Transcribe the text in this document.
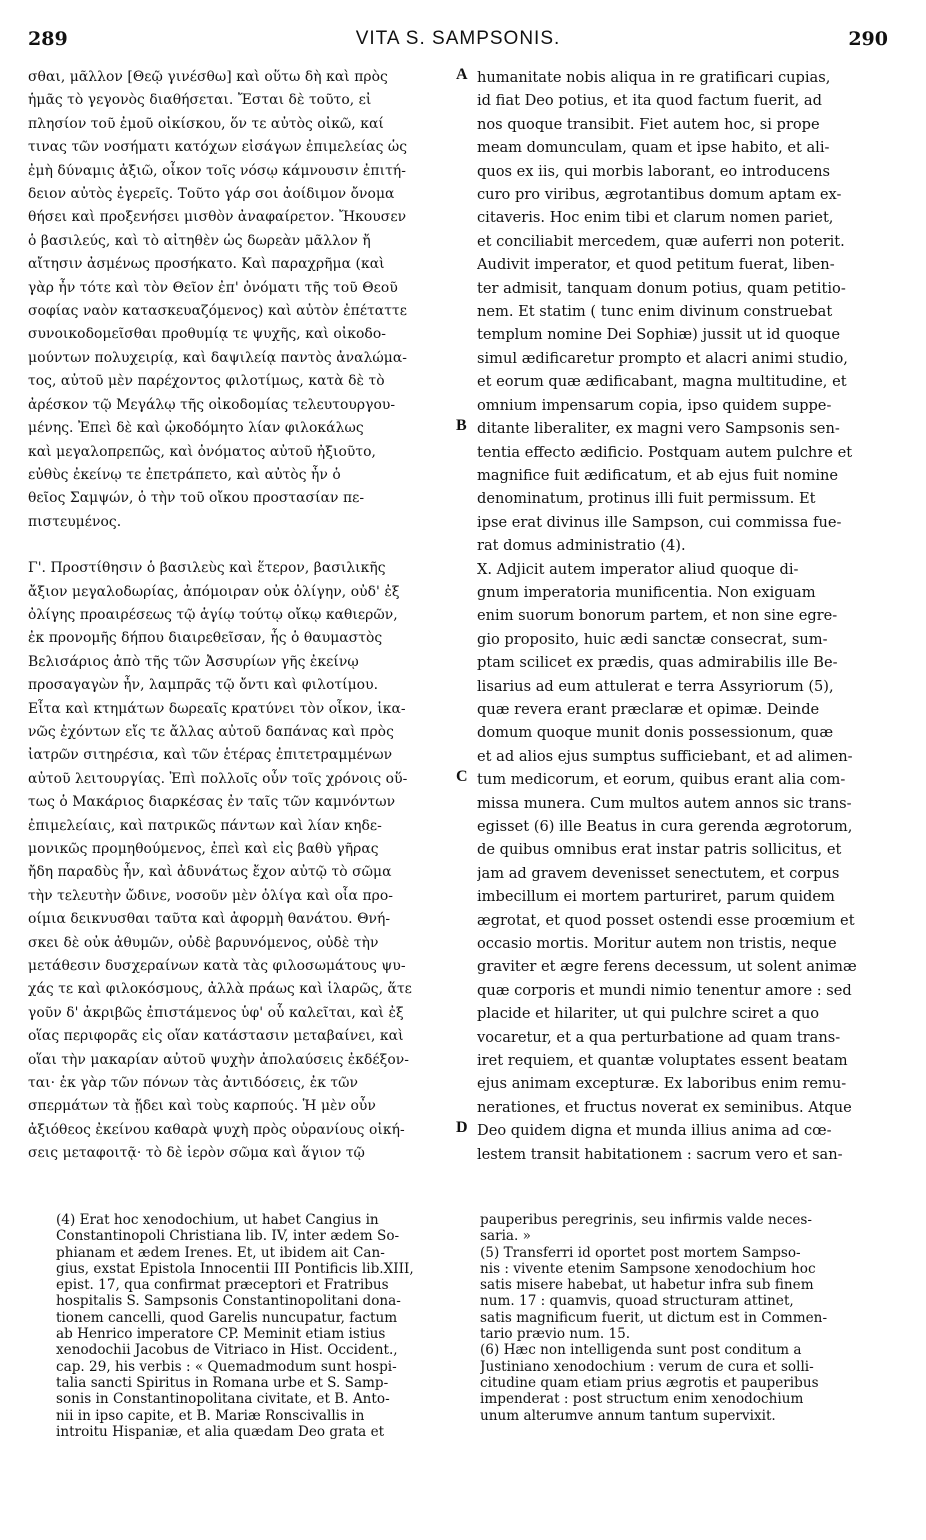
289	VITA S. SAMPSONIS.	290
σθαι, μᾶλλον [Θεῷ γινέσθω] καὶ οὕτω δὴ καὶ πρὸς
ἡμᾶς τὸ γεγονὸς διαθήσεται. Ἔσται δὲ τοῦτο, εἰ
πλησίον τοῦ ἐμοῦ οἰκίσκου, ὅν τε αὐτὸς οἰκῶ, καί
τινας τῶν νοσήματι κατόχων εἰσάγων ἐπιμελείας ὡς
ἐμὴ δύναμις ἀξιῶ, οἶκον τοῖς νόσῳ κάμνουσιν ἐπιτή-
δειον αὐτὸς ἐγερεῖς. Τοῦτο γάρ σοι ἀοίδιμον ὄνομα
θήσει καὶ προξενήσει μισθὸν ἀναφαίρετον. Ἤκουσεν
ὁ βασιλεύς, καὶ τὸ αἰτηθὲν ὡς δωρεὰν μᾶλλον ἤ
αἴτησιν ἀσμένως προσήκατο. Καὶ παραχρῆμα (καὶ
γὰρ ἦν τότε καὶ τὸν Θεῖον ἐπ' ὀνόματι τῆς τοῦ Θεοῦ
σοφίας ναὸν κατασκευαζόμενος) καὶ αὐτὸν ἐπέταττε
συνοικοδομεῖσθαι προθυμίᾳ τε ψυχῆς, καὶ οἰκοδο-
μούντων πολυχειρίᾳ, καὶ δαψιλείᾳ παντὸς ἀναλώμα-
τος, αὐτοῦ μὲν παρέχοντος φιλοτίμως, κατὰ δὲ τὸ
ἀρέσκον τῷ Μεγάλῳ τῆς οἰκοδομίας τελευτουργου-
μένης. Ἐπεὶ δὲ καὶ ᾠκοδόμητο λίαν φιλοκάλως
καὶ μεγαλοπρεπῶς, καὶ ὀνόματος αὐτοῦ ἠξιοῦτο,
εὐθὺς ἐκείνῳ τε ἐπετράπετο, καὶ αὐτὸς ἦν ὁ
θεῖος Σαμψών, ὁ τὴν τοῦ οἴκου προστασίαν πε-
πιστευμένος.
Γ'. Προστίθησιν ὁ βασιλεὺς καὶ ἕτερον, βασιλικῆς
ἄξιον μεγαλοδωρίας, ἀπόμοιραν οὐκ ὀλίγην, οὐδ' ἐξ
ὀλίγης προαιρέσεως τῷ ἁγίῳ τούτῳ οἴκῳ καθιερῶν,
ἐκ προνομῆς δήπου διαιρεθεῖσαν, ἧς ὁ θαυμαστὸς
Βελισάριος ἀπὸ τῆς τῶν Ἀσσυρίων γῆς ἐκείνῳ
προσαγαγὼν ἦν, λαμπρᾶς τῷ ὄντι καὶ φιλοτίμου.
Εἶτα καὶ κτημάτων δωρεαῖς κρατύνει τὸν οἶκον, ἱκα-
νῶς ἐχόντων εἴς τε ἄλλας αὐτοῦ δαπάνας καὶ πρὸς
ἰατρῶν σιτηρέσια, καὶ τῶν ἑτέρας ἐπιτετραμμένων
αὐτοῦ λειτουργίας. Ἐπὶ πολλοῖς οὖν τοῖς χρόνοις οὕ-
τως ὁ Μακάριος διαρκέσας ἐν ταῖς τῶν καμνόντων
ἐπιμελείαις, καὶ πατρικῶς πάντων καὶ λίαν κηδε-
μονικῶς προμηθούμενος, ἐπεὶ καὶ εἰς βαθὺ γῆρας
ἤδη παραδὺς ἦν, καὶ ἀδυνάτως ἔχον αὐτῷ τὸ σῶμα
τὴν τελευτὴν ὤδινε, νοσοῦν μὲν ὀλίγα καὶ οἷα προ-
οίμια δεικνυσθαι ταῦτα καὶ ἀφορμὴ θανάτου. Θνή-
σκει δὲ οὐκ ἀθυμῶν, οὐδὲ βαρυνόμενος, οὐδὲ τὴν
μετάθεσιν δυσχεραίνων κατὰ τὰς φιλοσωμάτους ψυ-
χάς τε καὶ φιλοκόσμους, ἀλλὰ πράως καὶ ἱλαρῶς, ἅτε
γοῦν δ' ἀκριβῶς ἐπιστάμενος ὑφ' οὗ καλεῖται, καὶ ἐξ
οἵας περιφορᾶς εἰς οἵαν κατάστασιν μεταβαίνει, καὶ
οἵαι τὴν μακαρίαν αὐτοῦ ψυχὴν ἀπολαύσεις ἐκδέξον-
ται· ἐκ γὰρ τῶν πόνων τὰς ἀντιδόσεις, ἐκ τῶν
σπερμάτων τὰ ᾔδει καὶ τοὺς καρπούς. Ἡ μὲν οὖν
ἀξιόθεος ἐκείνου καθαρὰ ψυχὴ πρὸς οὐρανίους οἰκή-
σεις μεταφοιτᾷ· τὸ δὲ ἱερὸν σῶμα καὶ ἅγιον τῷ
A
B
C
D
humanitate nobis aliqua in re gratificari cupias,
id fiat Deo potius, et ita quod factum fuerit, ad
nos quoque transibit. Fiet autem hoc, si prope
meam domunculam, quam et ipse habito, et ali-
quos ex iis, qui morbis laborant, eo introducens
curo pro viribus, ægrotantibus domum aptam ex-
citaveris. Hoc enim tibi et clarum nomen pariet,
et conciliabit mercedem, quæ auferri non poterit.
Audivit imperator, et quod petitum fuerat, liben-
ter admisit, tanquam donum potius, quam petitio-
nem. Et statim ( tunc enim divinum construebat
templum nomine Dei Sophiæ) jussit ut id quoque
simul ædificaretur prompto et alacri animi studio,
et eorum quæ ædificabant, magna multitudine, et
omnium impensarum copia, ipso quidem suppe-
ditante liberaliter, ex magni vero Sampsonis sen-
tentia effecto ædificio. Postquam autem pulchre et
magnifice fuit ædificatum, et ab ejus fuit nomine
denominatum, protinus illi fuit permissum. Et
ipse erat divinus ille Sampson, cui commissa fue-
rat domus administratio (4).
X. Adjicit autem imperator aliud quoque di-
gnum imperatoria munificentia. Non exiguam
enim suorum bonorum partem, et non sine egre-
gio proposito, huic ædi sanctæ consecrat, sum-
ptam scilicet ex prædis, quas admirabilis ille Be-
lisarius ad eum attulerat e terra Assyriorum (5),
quæ revera erant præclaræ et opimæ. Deinde
domum quoque munit donis possessionum, quæ
et ad alios ejus sumptus sufficiebant, et ad alimen-
tum medicorum, et eorum, quibus erant alia com-
missa munera. Cum multos autem annos sic trans-
egisset (6) ille Beatus in cura gerenda ægrotorum,
de quibus omnibus erat instar patris sollicitus, et
jam ad gravem devenisset senectutem, et corpus
imbecillum ei mortem parturiret, parum quidem
ægrotat, et quod posset ostendi esse proœmium et
occasio mortis. Moritur autem non tristis, neque
graviter et ægre ferens decessum, ut solent animæ
quæ corporis et mundi nimio tenentur amore : sed
placide et hilariter, ut qui pulchre sciret a quo
vocaretur, et a qua perturbatione ad quam trans-
iret requiem, et quantæ voluptates essent beatam
ejus animam excepturæ. Ex laboribus enim remu-
nerationes, et fructus noverat ex seminibus. Atque
Deo quidem digna et munda illius anima ad cœ-
lestem transit habitationem : sacrum vero et san-
(4) Erat hoc xenodochium, ut habet Cangius in
Constantinopoli Christiana lib. IV, inter ædem So-
phianam et ædem Irenes. Et, ut ibidem ait Can-
gius, exstat Epistola Innocentii III Pontificis lib.XIII,
epist. 17, qua confirmat præceptori et Fratribus
hospitalis S. Sampsonis Constantinopolitani dona-
tionem cancelli, quod Garelis nuncupatur, factum
ab Henrico imperatore CP. Meminit etiam istius
xenodochii Jacobus de Vitriaco in Hist. Occident.,
cap. 29, his verbis : « Quemadmodum sunt hospi-
talia sancti Spiritus in Romana urbe et S. Samp-
sonis in Constantinopolitana civitate, et B. Anto-
nii in ipso capite, et B. Mariæ Ronscivallis in
introitu Hispaniæ, et alia quædam Deo grata et
pauperibus peregrinis, seu infirmis valde neces-
saria. »
(5) Transferri id oportet post mortem Sampso-
nis : vivente etenim Sampsone xenodochium hoc
satis misere habebat, ut habetur infra sub finem
num. 17 : quamvis, quoad structuram attinet,
satis magnificum fuerit, ut dictum est in Commen-
tario prævio num. 15.
(6) Hæc non intelligenda sunt post conditum a
Justiniano xenodochium : verum de cura et solli-
citudine quam etiam prius ægrotis et pauperibus
impenderat : post structum enim xenodochium
unum alterumve annum tantum supervixit.
